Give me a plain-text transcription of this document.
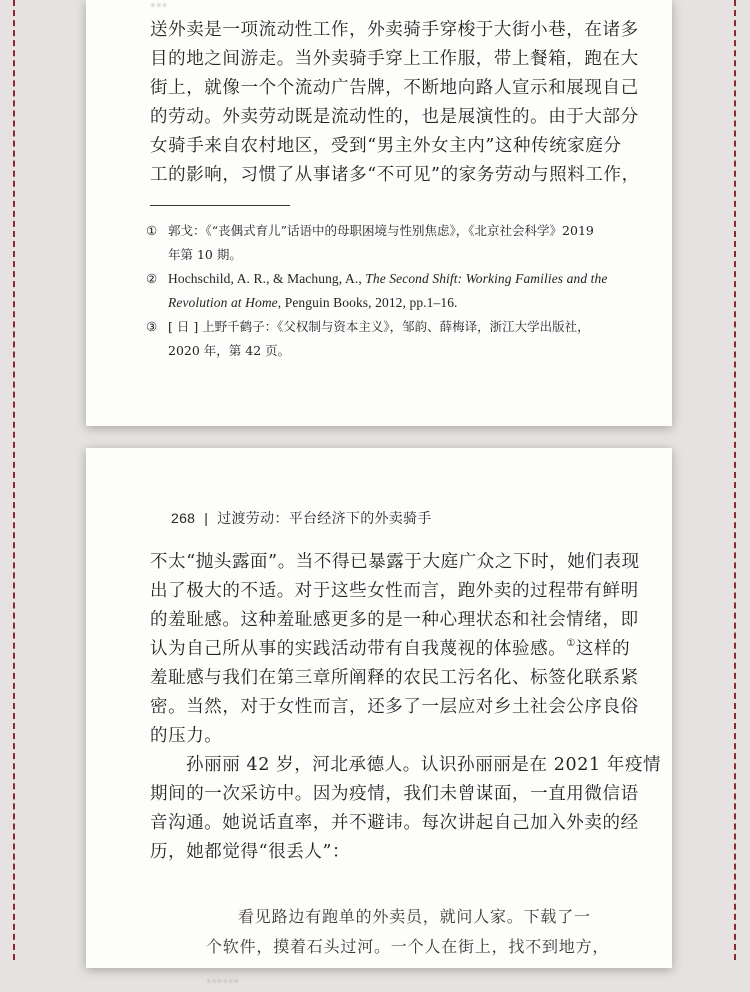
…
送外卖是一项流动性工作，外卖骑手穿梭于大街小巷，在诸多
目的地之间游走。当外卖骑手穿上工作服，带上餐箱，跑在大
街上，就像一个个流动广告牌，不断地向路人宣示和展现自己
的劳动。外卖劳动既是流动性的，也是展演性的。由于大部分
女骑手来自农村地区，受到“男主外女主内”这种传统家庭分
工的影响，习惯了从事诸多“不可见”的家务劳动与照料工作，
① 郭戈：《“丧偶式育儿”话语中的母职困境与性别焦虑》，《北京社会科学》2019
年第 10 期。
② Hochschild, A. R., & Machung, A., The Second Shift: Working Families and the
Revolution at Home, Penguin Books, 2012, pp.1–16.
③ [ 日 ] 上野千鹤子：《父权制与资本主义》，邹韵、薛梅译，浙江大学出版社，
2020 年，第 42 页。
268 | 过渡劳动：平台经济下的外卖骑手
不太“抛头露面”。当不得已暴露于大庭广众之下时，她们表现
出了极大的不适。对于这些女性而言，跑外卖的过程带有鲜明
的羞耻感。这种羞耻感更多的是一种心理状态和社会情绪，即
认为自己所从事的实践活动带有自我蔑视的体验感。①这样的
羞耻感与我们在第三章所阐释的农民工污名化、标签化联系紧
密。当然，对于女性而言，还多了一层应对乡土社会公序良俗
的压力。
孙丽丽 42 岁，河北承德人。认识孙丽丽是在 2021 年疫情
期间的一次采访中。因为疫情，我们未曾谋面，一直用微信语
音沟通。她说话直率，并不避讳。每次讲起自己加入外卖的经
历，她都觉得“很丢人”：
看见路边有跑单的外卖员，就问人家。下载了一
个软件，摸着石头过河。一个人在街上，找不到地方，
……
